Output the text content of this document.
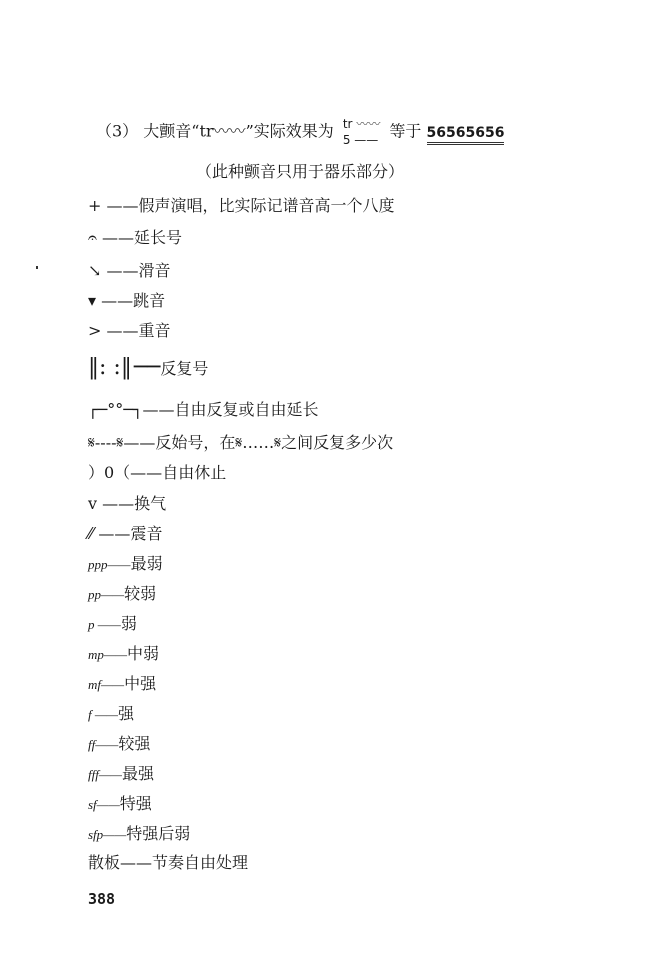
（3） 大颤音“tr〰〰”实际效果为 tr 〰〰
5 —— 等于 56565656
（此种颤音只用于器乐部分）
+ ——假声演唱，比实际记谱音高一个八度
𝄐 ——延长号
↘ ——滑音
▾ ——跳音
> ——重音
‖: :‖──反复号
┌─°°─┐——自由反复或自由延长
𝄋----𝄋——反始号，在𝄋……𝄋之间反复多少次
）0（——自由休止
v ——换气
⁄⁄ ——震音
ppp——最弱
pp——较弱
p ——弱
mp——中弱
mf——中强
f ——强
ff——较强
fff——最强
sf——特强
sfp——特强后弱
散板——节奏自由处理
388
